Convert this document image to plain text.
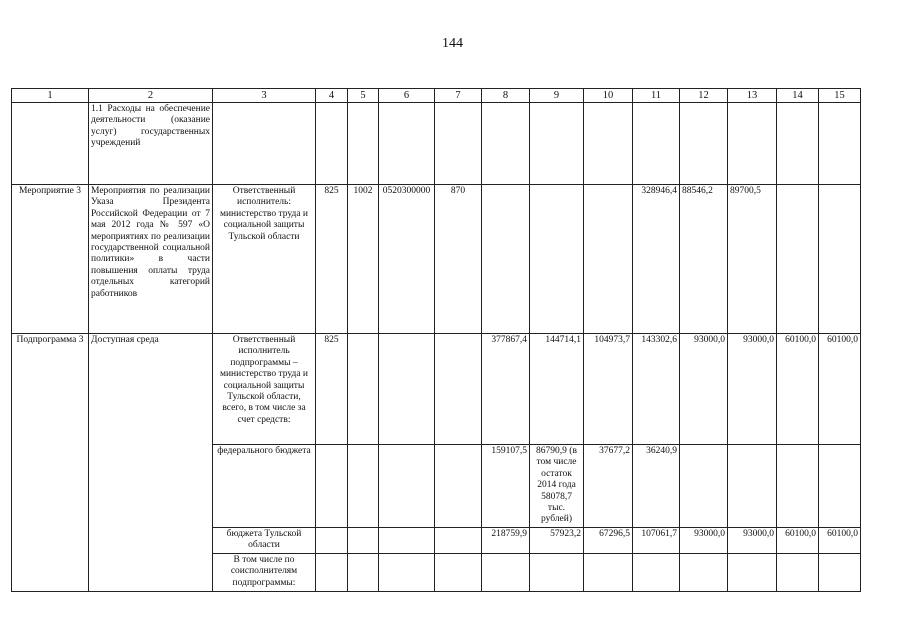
144
1	2	3	4	5	6	7	8	9	10	11	12	13	14	15
	1.1 Расходы на обеспечение деятельности (оказание услуг) государственных учреждений													
Мероприятие 3	Мероприятия по реализации Указа Президента Российской Федерации от 7 мая 2012 года № 597 «О мероприятиях по реализации государственной социальной политики» в части повышения оплаты труда отдельных категорий работников	Ответственный исполнитель: министерство труда и социальной защиты Тульской области	825	1002	0520300000	870				328946,4	88546,2	89700,5		
Подпрограмма 3	Доступная среда	Ответственный исполнитель подпрограммы – министерство труда и социальной защиты Тульской области, всего, в том числе за счет средств:	825				377867,4	144714,1	104973,7	143302,6	93000,0	93000,0	60100,0	60100,0
		федерального бюджета					159107,5	86790,9 (в том числе остаток 2014 года 58078,7 тыс. рублей)	37677,2	36240,9				
		бюджета Тульской области					218759,9	57923,2	67296,5	107061,7	93000,0	93000,0	60100,0	60100,0
		В том числе по соисполнителям подпрограммы:												
